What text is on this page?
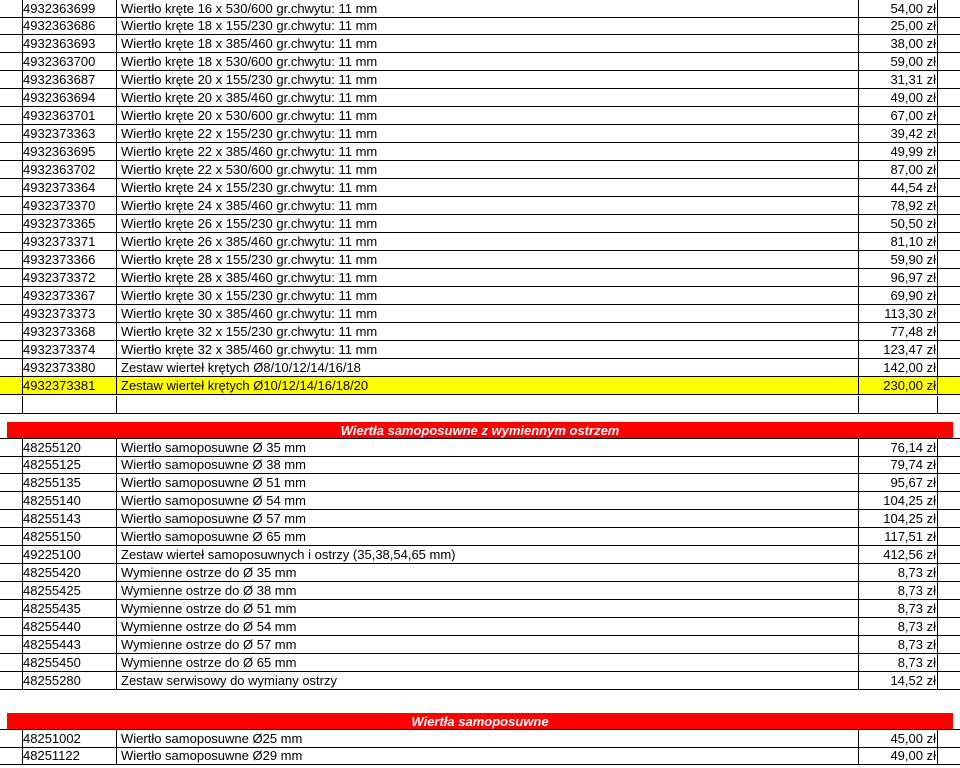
4932363699	Wiertło kręte 16 x 530/600 gr.chwytu: 11 mm	54,00 zł
4932363686	Wiertło kręte 18 x 155/230 gr.chwytu: 11 mm	25,00 zł
4932363693	Wiertło kręte 18 x 385/460 gr.chwytu: 11 mm	38,00 zł
4932363700	Wiertło kręte 18 x 530/600 gr.chwytu: 11 mm	59,00 zł
4932363687	Wiertło kręte 20 x 155/230 gr.chwytu: 11 mm	31,31 zł
4932363694	Wiertło kręte 20 x 385/460 gr.chwytu: 11 mm	49,00 zł
4932363701	Wiertło kręte 20 x 530/600 gr.chwytu: 11 mm	67,00 zł
4932373363	Wiertło kręte 22 x 155/230 gr.chwytu: 11 mm	39,42 zł
4932363695	Wiertło kręte 22 x 385/460 gr.chwytu: 11 mm	49,99 zł
4932363702	Wiertło kręte 22 x 530/600 gr.chwytu: 11 mm	87,00 zł
4932373364	Wiertło kręte 24 x 155/230 gr.chwytu: 11 mm	44,54 zł
4932373370	Wiertło kręte 24 x 385/460 gr.chwytu: 11 mm	78,92 zł
4932373365	Wiertło kręte 26 x 155/230 gr.chwytu: 11 mm	50,50 zł
4932373371	Wiertło kręte 26 x 385/460 gr.chwytu: 11 mm	81,10 zł
4932373366	Wiertło kręte 28 x 155/230 gr.chwytu: 11 mm	59,90 zł
4932373372	Wiertło kręte 28 x 385/460 gr.chwytu: 11 mm	96,97 zł
4932373367	Wiertło kręte 30 x 155/230 gr.chwytu: 11 mm	69,90 zł
4932373373	Wiertło kręte 30 x 385/460 gr.chwytu: 11 mm	113,30 zł
4932373368	Wiertło kręte 32 x 155/230 gr.chwytu: 11 mm	77,48 zł
4932373374	Wiertło kręte 32 x 385/460 gr.chwytu: 11 mm	123,47 zł
4932373380	Zestaw wierteł krętych Ø8/10/12/14/16/18	142,00 zł
4932373381	Zestaw wierteł krętych Ø10/12/14/16/18/20	230,00 zł
Wiertła samoposuwne z wymiennym ostrzem
48255120	Wiertło samoposuwne Ø 35 mm	76,14 zł
48255125	Wiertło samoposuwne Ø 38 mm	79,74 zł
48255135	Wiertło samoposuwne Ø 51 mm	95,67 zł
48255140	Wiertło samoposuwne Ø 54 mm	104,25 zł
48255143	Wiertło samoposuwne Ø 57 mm	104,25 zł
48255150	Wiertło samoposuwne Ø 65 mm	117,51 zł
49225100	Zestaw wierteł samoposuwnych i ostrzy (35,38,54,65 mm)	412,56 zł
48255420	Wymienne ostrze do Ø 35 mm	8,73 zł
48255425	Wymienne ostrze do Ø 38 mm	8,73 zł
48255435	Wymienne ostrze do Ø 51 mm	8,73 zł
48255440	Wymienne ostrze do Ø 54 mm	8,73 zł
48255443	Wymienne ostrze do Ø 57 mm	8,73 zł
48255450	Wymienne ostrze do Ø 65 mm	8,73 zł
48255280	Zestaw serwisowy do wymiany ostrzy	14,52 zł
Wiertła samoposuwne
48251002	Wiertło samoposuwne Ø25 mm	45,00 zł
48251122	Wiertło samoposuwne Ø29 mm	49,00 zł
